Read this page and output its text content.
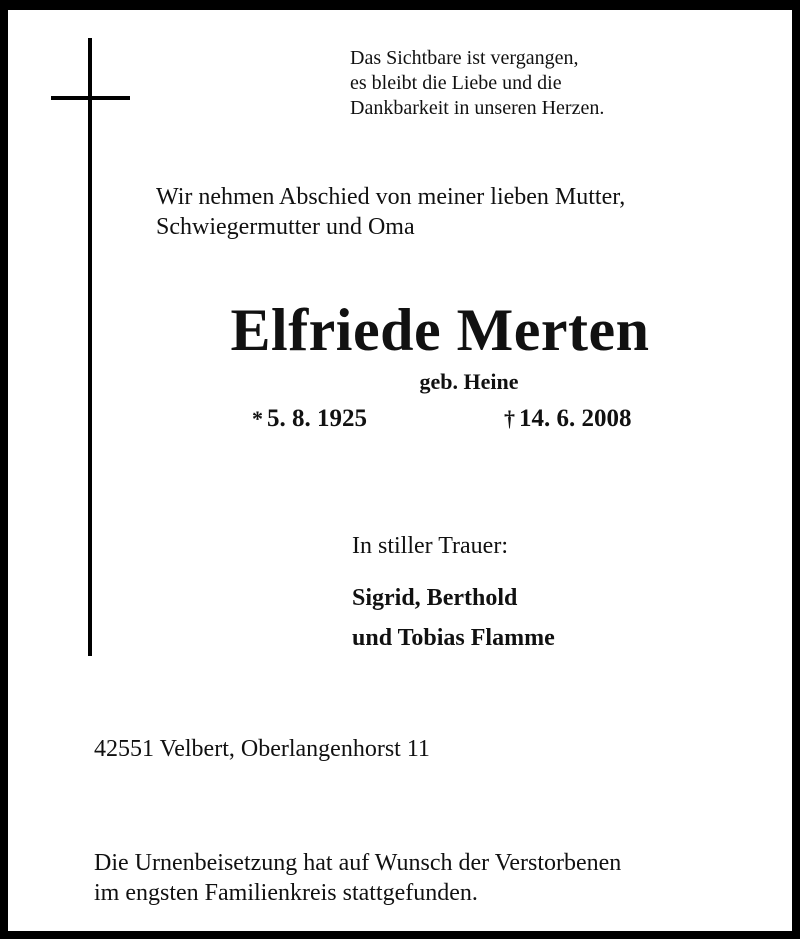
Das Sichtbare ist vergangen,
es bleibt die Liebe und die
Dankbarkeit in unseren Herzen.
Wir nehmen Abschied von meiner lieben Mutter,
Schwiegermutter und Oma
Elfriede Merten
geb. Heine
* 5. 8. 1925	† 14. 6. 2008
In stiller Trauer:
Sigrid, Berthold
und Tobias Flamme
42551 Velbert, Oberlangenhorst 11
Die Urnenbeisetzung hat auf Wunsch der Verstorbenen
im engsten Familienkreis stattgefunden.
